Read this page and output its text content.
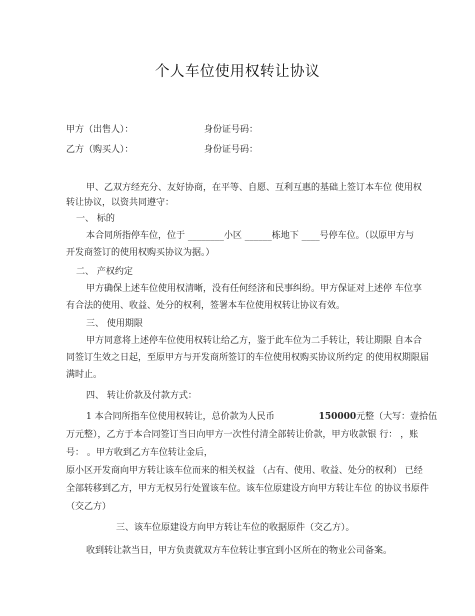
个人车位使用权转让协议
甲方（出售人）：	身份证号码：
乙方（购买人）：	身份证号码：
甲、乙双方经充分、友好协商，在平等、自愿、互利互惠的基础上签订本车位 使用权
转让协议，以资共同遵守：
一、 标的
本合同所指停车位，位于 ________小区 ______栋地下 ____号停车位。（以原甲方与
开发商签订的使用权购买协议为据。）
二、 产权约定
甲方确保上述车位使用权清晰，没有任何经济和民事纠纷。甲方保证对上述停 车位享
有合法的使用、收益、处分的权利，签署本车位使用权转让协议有效。
三、 使用期限
甲方同意将上述停车位使用权转让给乙方，鉴于此车位为二手转让，转让期限 自本合
同签订生效之日起，至原甲方与开发商所签订的车位使用权购买协议所约定 的使用权期限届
满时止。
四、 转让价款及付款方式：
1 本合同所指车位使用权转让，总价款为人民币	150000元整（大写：壹拾伍
万元整），乙方于本合同签订当日向甲方一次性付清全部转让价款，甲方收款银 行： ，账
号： 。甲方收到乙方车位转让金后，
原小区开发商向甲方转让该车位而来的相关权益 （占有、使用、收益、处分的权利） 已经
全部转移到乙方，甲方无权另行处置该车位。该车位原建设方向甲方转让车位 的协议书原件
（交乙方）
三、该车位原建设方向甲方转让车位的收据原件（交乙方）。
收到转让款当日，甲方负责就双方车位转让事宜到小区所在的物业公司备案。
